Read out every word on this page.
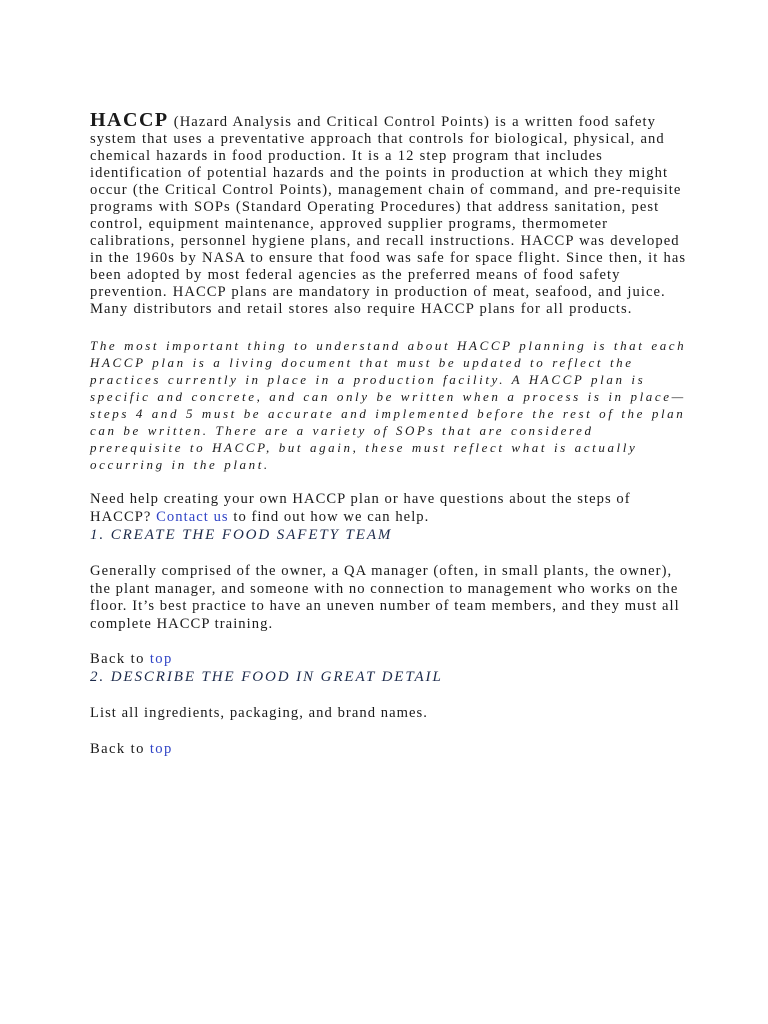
HACCP (Hazard Analysis and Critical Control Points) is a written food safety system that uses a preventative approach that controls for biological, physical, and chemical hazards in food production. It is a 12 step program that includes identification of potential hazards and the points in production at which they might occur (the Critical Control Points), management chain of command, and pre-requisite programs with SOPs (Standard Operating Procedures) that address sanitation, pest control, equipment maintenance, approved supplier programs, thermometer calibrations, personnel hygiene plans, and recall instructions. HACCP was developed in the 1960s by NASA to ensure that food was safe for space flight. Since then, it has been adopted by most federal agencies as the preferred means of food safety prevention. HACCP plans are mandatory in production of meat, seafood, and juice. Many distributors and retail stores also require HACCP plans for all products.

The most important thing to understand about HACCP planning is that each HACCP plan is a living document that must be updated to reflect the practices currently in place in a production facility. A HACCP plan is specific and concrete, and can only be written when a process is in place—steps 4 and 5 must be accurate and implemented before the rest of the plan can be written. There are a variety of SOPs that are considered prerequisite to HACCP, but again, these must reflect what is actually occurring in the plant.

Need help creating your own HACCP plan or have questions about the steps of HACCP? Contact us to find out how we can help.

1. CREATE THE FOOD SAFETY TEAM

Generally comprised of the owner, a QA manager (often, in small plants, the owner), the plant manager, and someone with no connection to management who works on the floor. It’s best practice to have an uneven number of team members, and they must all complete HACCP training.

Back to top

2. DESCRIBE THE FOOD IN GREAT DETAIL

List all ingredients, packaging, and brand names.

Back to top
